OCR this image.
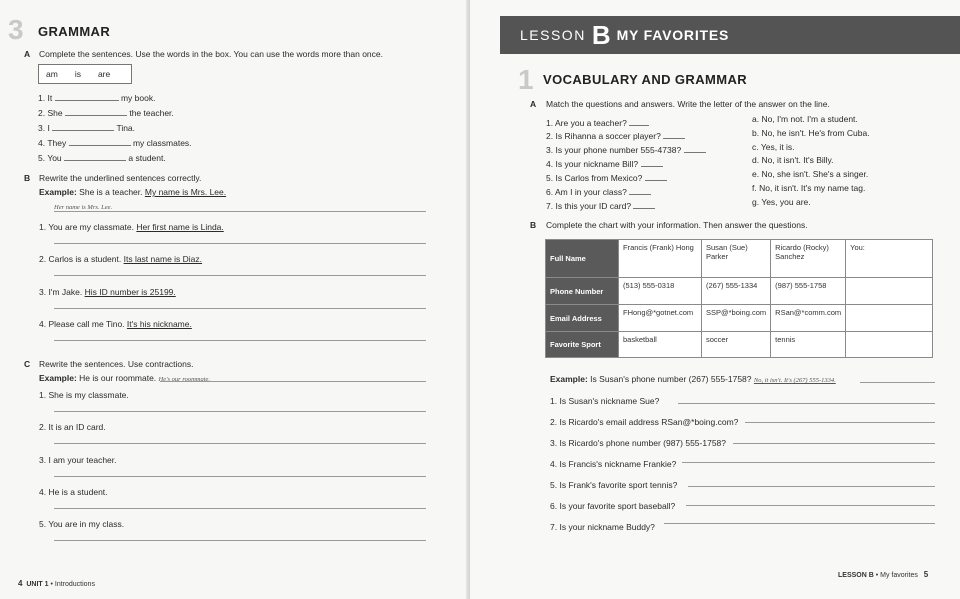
3 GRAMMAR
A Complete the sentences. Use the words in the box. You can use the words more than once.
am is are
1. It	my book.
2. She	the teacher.
3. I	Tina.
4. They	my classmates.
5. You	a student.
B Rewrite the underlined sentences correctly.
Example: She is a teacher. My name is Mrs. Lee.
Her name is Mrs. Lee.
1. You are my classmate. Her first name is Linda.
2. Carlos is a student. Its last name is Diaz.
3. I'm Jake. His ID number is 25199.
4. Please call me Tino. It's his nickname.
C Rewrite the sentences. Use contractions.
Example: He is our roommate. He's our roommate.
1. She is my classmate.
2. It is an ID card.
3. I am your teacher.
4. He is a student.
5. You are in my class.
4 UNIT 1 • Introductions
LESSON B MY FAVORITES
1 VOCABULARY AND GRAMMAR
A Match the questions and answers. Write the letter of the answer on the line.
1. Are you a teacher?
2. Is Rihanna a soccer player?
3. Is your phone number 555-4738?
4. Is your nickname Bill?
5. Is Carlos from Mexico?
6. Am I in your class?
7. Is this your ID card?
a. No, I'm not. I'm a student.
b. No, he isn't. He's from Cuba.
c. Yes, it is.
d. No, it isn't. It's Billy.
e. No, she isn't. She's a singer.
f. No, it isn't. It's my name tag.
g. Yes, you are.
B Complete the chart with your information. Then answer the questions.
Full Name	Francis (Frank) Hong	Susan (Sue) Parker	Ricardo (Rocky) Sanchez	You:
Phone Number	(513) 555-0318	(267) 555-1334	(987) 555-1758	
Email Address	FHong@*gotnet.com	SSP@*boing.com	RSan@*comm.com	
Favorite Sport	basketball	soccer	tennis	
Example: Is Susan's phone number (267) 555-1758? No, it isn't. It's (267) 555-1334.
1. Is Susan's nickname Sue?
2. Is Ricardo's email address RSan@*boing.com?
3. Is Ricardo's phone number (987) 555-1758?
4. Is Francis's nickname Frankie?
5. Is Frank's favorite sport tennis?
6. Is your favorite sport baseball?
7. Is your nickname Buddy?
LESSON B • My favorites 5
